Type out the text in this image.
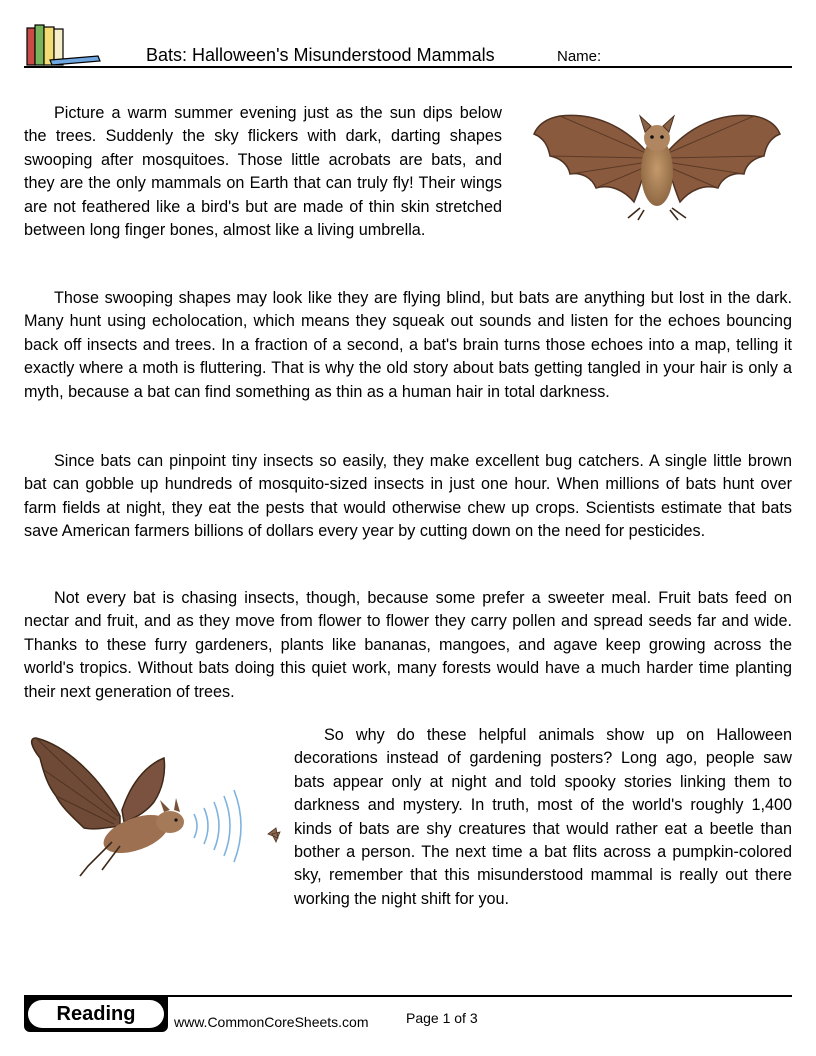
Bats: Halloween's Misunderstood Mammals	Name:

Picture a warm summer evening just as the sun dips below the trees. Suddenly the sky flickers with dark, darting shapes swooping after mosquitoes. Those little acrobats are bats, and they are the only mammals on Earth that can truly fly! Their wings are not feathered like a bird's but are made of thin skin stretched between long finger bones, almost like a living umbrella.

Those swooping shapes may look like they are flying blind, but bats are anything but lost in the dark. Many hunt using echolocation, which means they squeak out sounds and listen for the echoes bouncing back off insects and trees. In a fraction of a second, a bat's brain turns those echoes into a map, telling it exactly where a moth is fluttering. That is why the old story about bats getting tangled in your hair is only a myth, because a bat can find something as thin as a human hair in total darkness.

Since bats can pinpoint tiny insects so easily, they make excellent bug catchers. A single little brown bat can gobble up hundreds of mosquito-sized insects in just one hour. When millions of bats hunt over farm fields at night, they eat the pests that would otherwise chew up crops. Scientists estimate that bats save American farmers billions of dollars every year by cutting down on the need for pesticides.

Not every bat is chasing insects, though, because some prefer a sweeter meal. Fruit bats feed on nectar and fruit, and as they move from flower to flower they carry pollen and spread seeds far and wide. Thanks to these furry gardeners, plants like bananas, mangoes, and agave keep growing across the world's tropics. Without bats doing this quiet work, many forests would have a much harder time planting their next generation of trees.

So why do these helpful animals show up on Halloween decorations instead of gardening posters? Long ago, people saw bats appear only at night and told spooky stories linking them to darkness and mystery. In truth, most of the world's roughly 1,400 kinds of bats are shy creatures that would rather eat a beetle than bother a person. The next time a bat flits across a pumpkin-colored sky, remember that this misunderstood mammal is really out there working the night shift for you.
Reading	www.CommonCoreSheets.com	Page 1 of 3
